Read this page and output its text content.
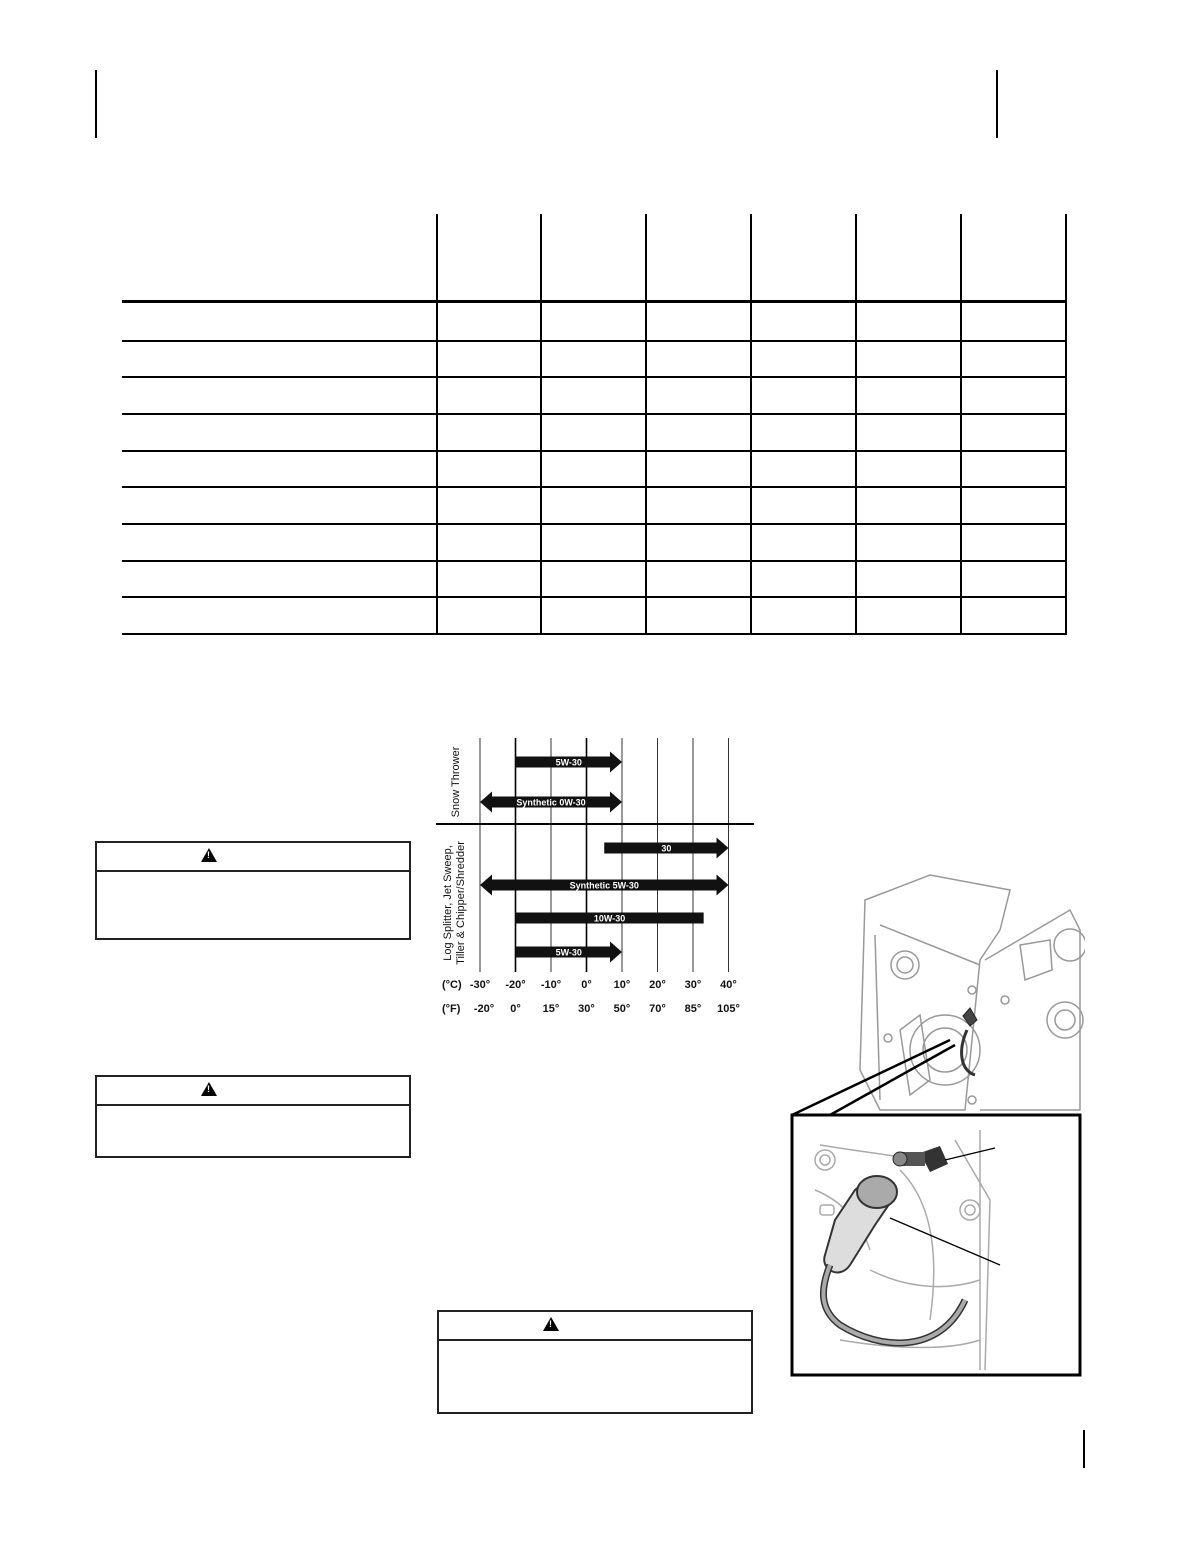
!
!
!
Snow Thrower
Log Splitter, Jet Sweep, Tiller & Chipper/Shredder
5W-30
Synthetic 0W-30
30
Synthetic 5W-30
10W-30
5W-30
(°C)
(°F)
-30° -20° -10° 0° 10° 20° 30° 40°
-20° 0° 15° 30° 50° 70° 85° 105°
